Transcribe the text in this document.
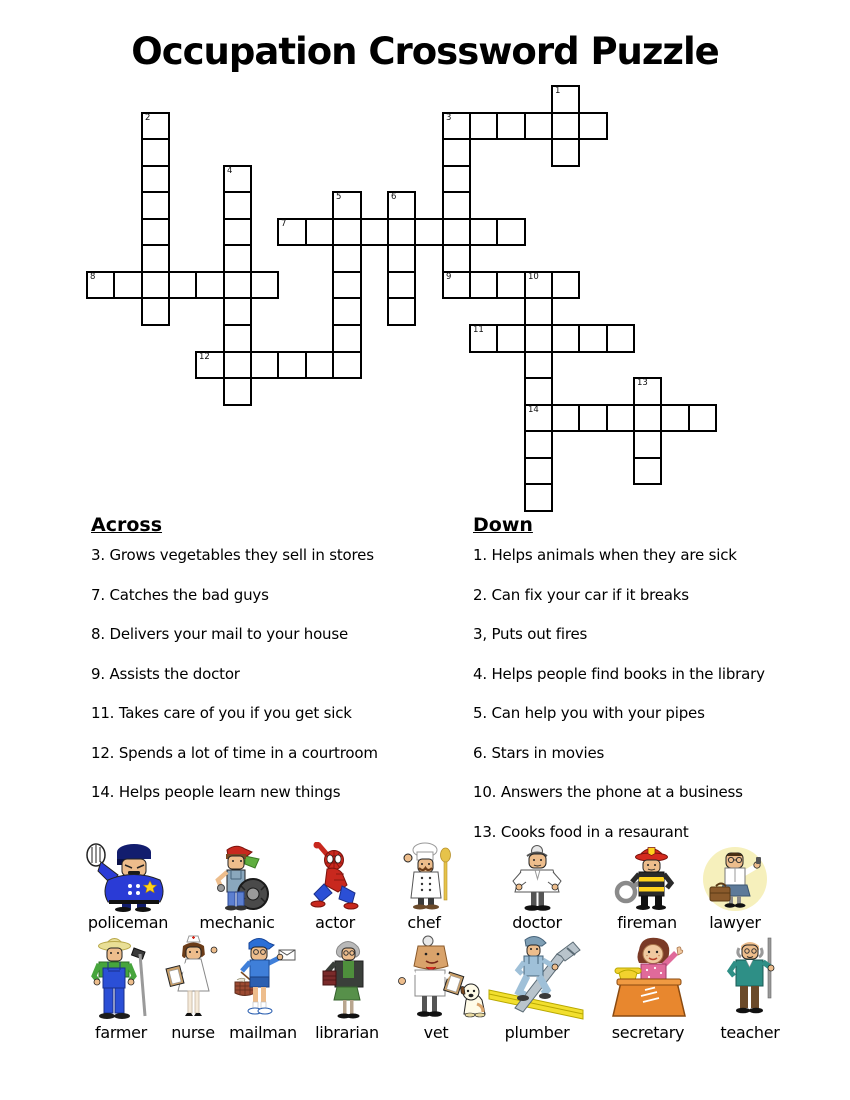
Occupation Crossword Puzzle
1
2	3
9
4
5	6
7
8	10
14
11
12
13
Across

3. Grows vegetables they sell in stores

7. Catches the bad guys

8. Delivers your mail to your house

9. Assists the doctor

11. Takes care of you if you get sick

12. Spends a lot of time in a courtroom

14. Helps people learn new things

Down

1. Helps animals when they are sick

2. Can fix your car if it breaks

3, Puts out fires

4. Helps people find books in the library

5. Can help you with your pipes

6. Stars in movies

10. Answers the phone at a business

13. Cooks food in a resaurant

policeman mechanic	actor	chef	doctor	fireman lawyer
farmer nurse mailman librarian	vet	plumber	secretary teacher
